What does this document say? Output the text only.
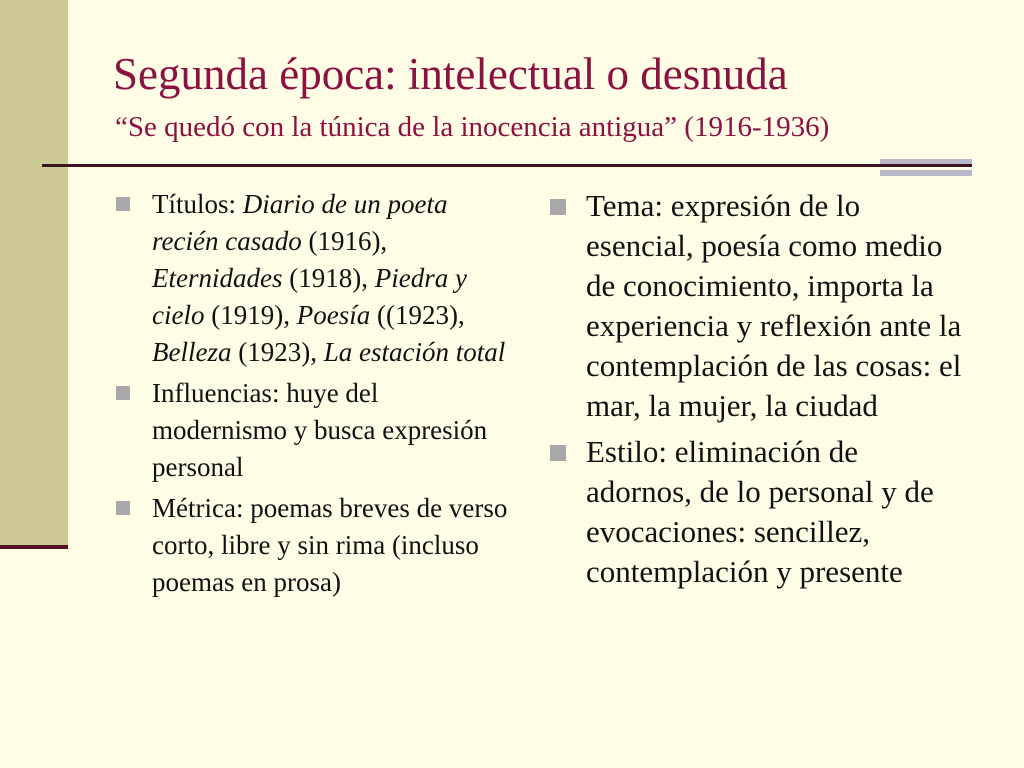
Segunda época: intelectual o desnuda
“Se quedó con la túnica de la inocencia antigua” (1916-1936)
Títulos: Diario de un poeta recién casado (1916), Eternidades (1918), Piedra y cielo (1919), Poesía ((1923), Belleza (1923), La estación total
Influencias: huye del modernismo y busca expresión personal
Métrica: poemas breves de verso corto, libre y sin rima (incluso poemas en prosa)
Tema: expresión de lo esencial, poesía como medio de conocimiento, importa la experiencia y reflexión ante la contemplación de las cosas: el mar, la mujer, la ciudad
Estilo: eliminación de adornos, de lo personal y de evocaciones: sencillez, contemplación y presente
